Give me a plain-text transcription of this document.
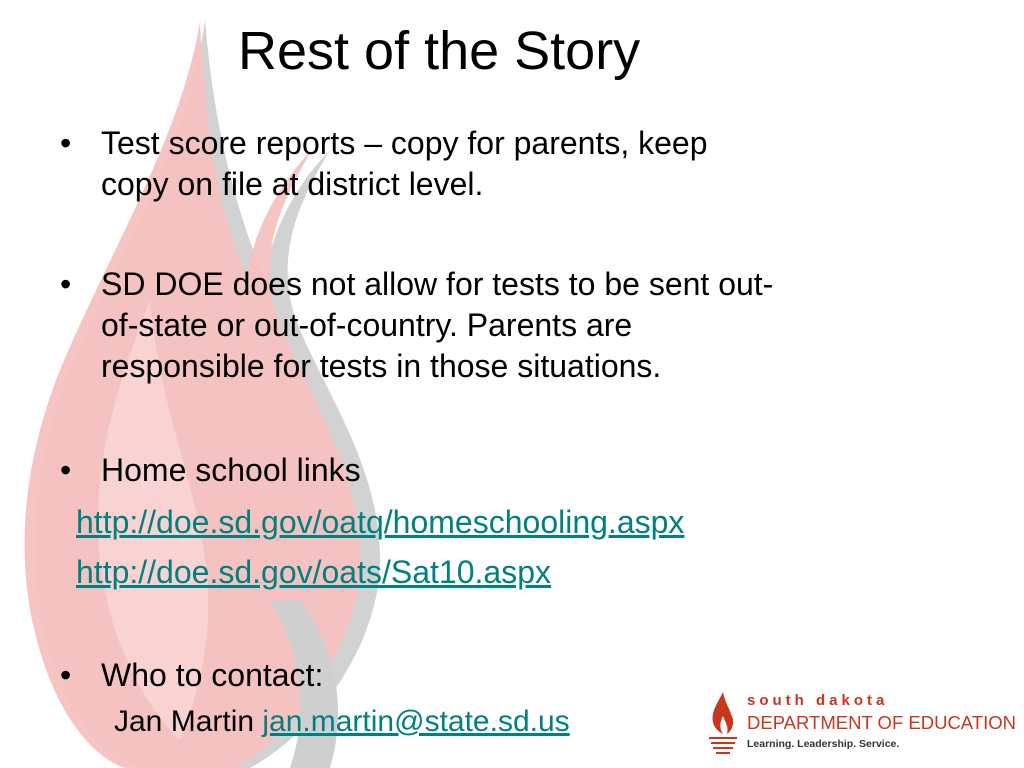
Rest of the Story
• Test score reports – copy for parents, keep
copy on file at district level.
• SD DOE does not allow for tests to be sent out-
of-state or out-of-country. Parents are
responsible for tests in those situations.
• Home school links
http://doe.sd.gov/oatq/homeschooling.aspx
http://doe.sd.gov/oats/Sat10.aspx
• Who to contact:
Jan Martin jan.martin@state.sd.us
south dakota
DEPARTMENT OF EDUCATION
Learning. Leadership. Service.
